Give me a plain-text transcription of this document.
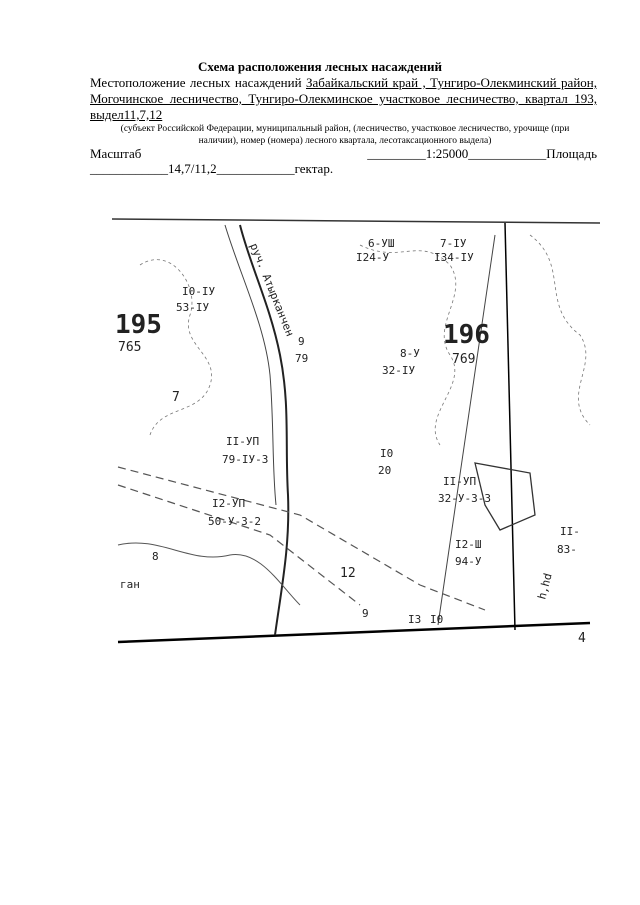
Схема расположения лесных насаждений
Местоположение лесных насаждений Забайкальский край , Тунгиро-Олекминский район,
Могочинское лесничество, Тунгиро-Олекминское участковое лесничество, квартал 193,
выдел11,7,12
(субъект Российской Федерации, муниципальный район, (лесничество, участковое лесничество, урочище (при наличии), номер (номера) лесного квартала, лесотаксационного выдела)
Масштаб	_________1:25000____________Площадь
____________14,7/11,2____________гектар.
195
765	196
769
руч. Атырканчен
ган
6-УШ
I24-У
7-IУ
I34-IУ
I0-IУ
53-IУ
9
79	8-У
32-IУ
II-УП
79-IУ-3	I0
20
II-УП
32-У-3-3
I2-УП
50-У-3-2
I2-Ш
94-У
II-
83-
I3 I0
7
8
12
9
4
h,hd
